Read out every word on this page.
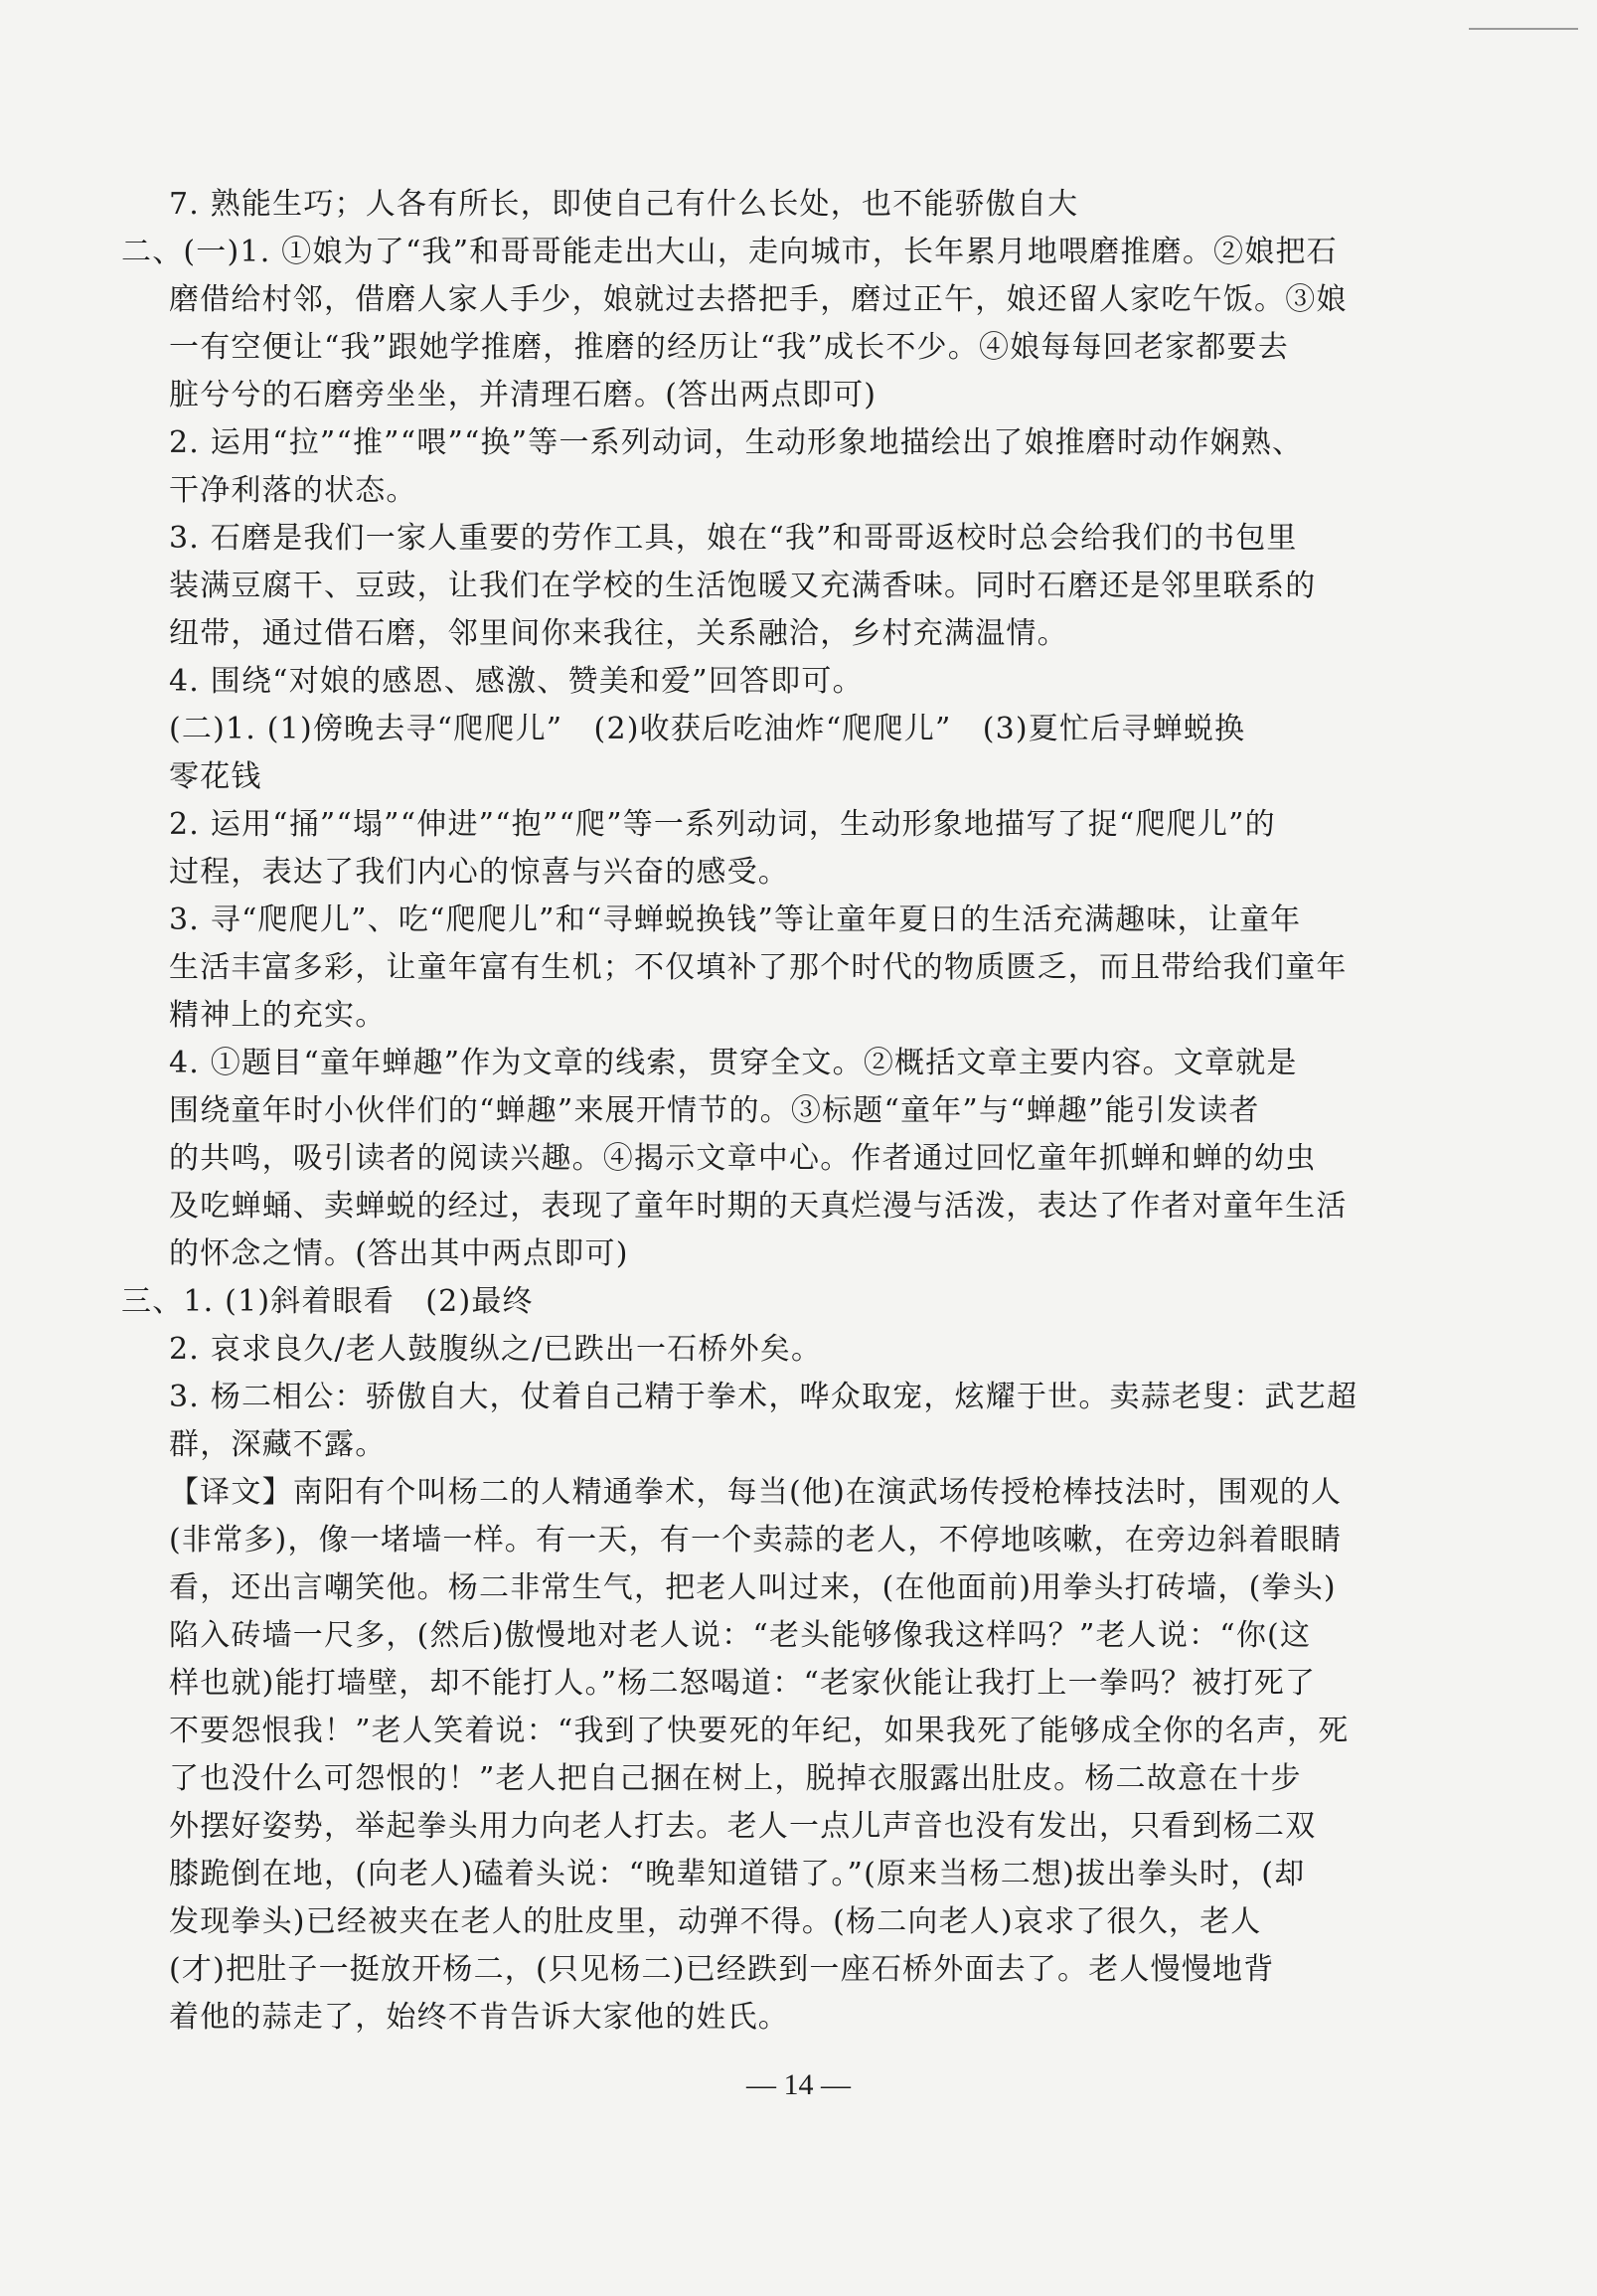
7. 熟能生巧；人各有所长，即使自己有什么长处，也不能骄傲自大
二、(一)1. ①娘为了“我”和哥哥能走出大山，走向城市，长年累月地喂磨推磨。②娘把石
磨借给村邻，借磨人家人手少，娘就过去搭把手，磨过正午，娘还留人家吃午饭。③娘
一有空便让“我”跟她学推磨，推磨的经历让“我”成长不少。④娘每每回老家都要去
脏兮兮的石磨旁坐坐，并清理石磨。(答出两点即可)
2. 运用“拉”“推”“喂”“换”等一系列动词，生动形象地描绘出了娘推磨时动作娴熟、
干净利落的状态。
3. 石磨是我们一家人重要的劳作工具，娘在“我”和哥哥返校时总会给我们的书包里
装满豆腐干、豆豉，让我们在学校的生活饱暖又充满香味。同时石磨还是邻里联系的
纽带，通过借石磨，邻里间你来我往，关系融洽，乡村充满温情。
4. 围绕“对娘的感恩、感激、赞美和爱”回答即可。
(二)1. (1)傍晚去寻“爬爬儿”　(2)收获后吃油炸“爬爬儿”　(3)夏忙后寻蝉蜕换
零花钱
2. 运用“捅”“塌”“伸进”“抱”“爬”等一系列动词，生动形象地描写了捉“爬爬儿”的
过程，表达了我们内心的惊喜与兴奋的感受。
3. 寻“爬爬儿”、吃“爬爬儿”和“寻蝉蜕换钱”等让童年夏日的生活充满趣味，让童年
生活丰富多彩，让童年富有生机；不仅填补了那个时代的物质匮乏，而且带给我们童年
精神上的充实。
4. ①题目“童年蝉趣”作为文章的线索，贯穿全文。②概括文章主要内容。文章就是
围绕童年时小伙伴们的“蝉趣”来展开情节的。③标题“童年”与“蝉趣”能引发读者
的共鸣，吸引读者的阅读兴趣。④揭示文章中心。作者通过回忆童年抓蝉和蝉的幼虫
及吃蝉蛹、卖蝉蜕的经过，表现了童年时期的天真烂漫与活泼，表达了作者对童年生活
的怀念之情。(答出其中两点即可)
三、1. (1)斜着眼看　(2)最终
2. 哀求良久/老人鼓腹纵之/已跌出一石桥外矣。
3. 杨二相公：骄傲自大，仗着自己精于拳术，哗众取宠，炫耀于世。卖蒜老叟：武艺超
群，深藏不露。
【译文】南阳有个叫杨二的人精通拳术，每当(他)在演武场传授枪棒技法时，围观的人
(非常多)，像一堵墙一样。有一天，有一个卖蒜的老人，不停地咳嗽，在旁边斜着眼睛
看，还出言嘲笑他。杨二非常生气，把老人叫过来，(在他面前)用拳头打砖墙，(拳头)
陷入砖墙一尺多，(然后)傲慢地对老人说：“老头能够像我这样吗？”老人说：“你(这
样也就)能打墙壁，却不能打人。”杨二怒喝道：“老家伙能让我打上一拳吗？被打死了
不要怨恨我！”老人笑着说：“我到了快要死的年纪，如果我死了能够成全你的名声，死
了也没什么可怨恨的！”老人把自己捆在树上，脱掉衣服露出肚皮。杨二故意在十步
外摆好姿势，举起拳头用力向老人打去。老人一点儿声音也没有发出，只看到杨二双
膝跪倒在地，(向老人)磕着头说：“晚辈知道错了。”(原来当杨二想)拔出拳头时，(却
发现拳头)已经被夹在老人的肚皮里，动弹不得。(杨二向老人)哀求了很久，老人
(才)把肚子一挺放开杨二，(只见杨二)已经跌到一座石桥外面去了。老人慢慢地背
着他的蒜走了，始终不肯告诉大家他的姓氏。
— 14 —
